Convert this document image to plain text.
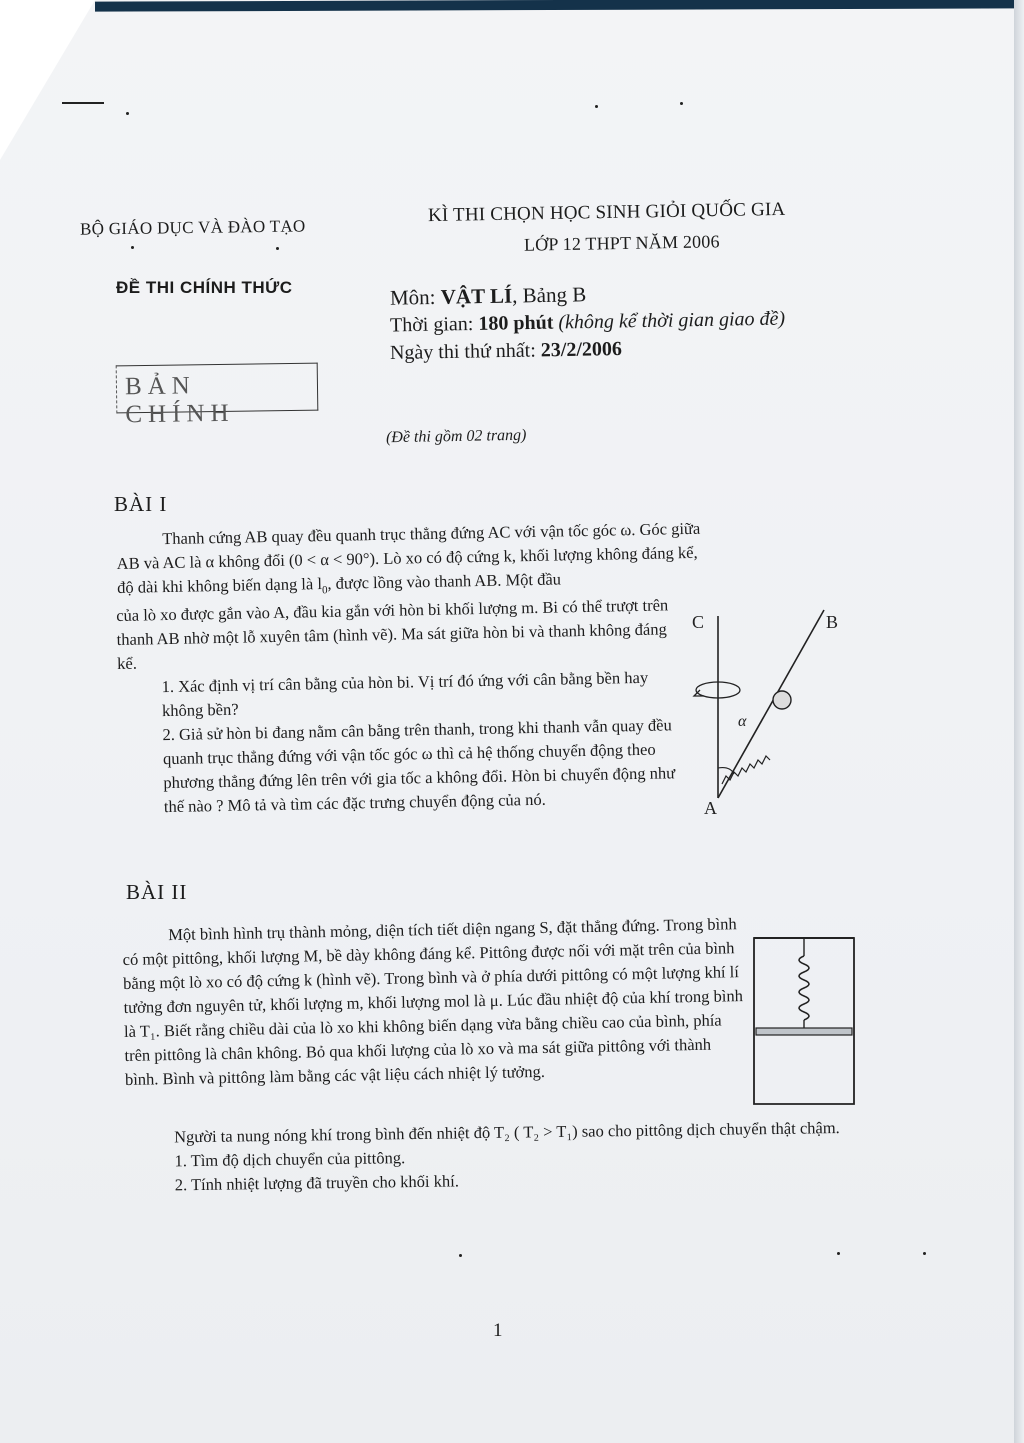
BỘ GIÁO DỤC VÀ ĐÀO TẠO
KÌ THI CHỌN HỌC SINH GIỎI QUỐC GIA
LỚP 12 THPT NĂM 2006
ĐỀ THI CHÍNH THỨC	Môn: VẬT LÍ, Bảng B
Thời gian: 180 phút (không kể thời gian giao đề)
Ngày thi thứ nhất: 23/2/2006
BẢN CHÍNH
(Đề thi gồm 02 trang)
BÀI I

Thanh cứng AB quay đều quanh trục thẳng đứng AC với vận tốc góc ω. Góc giữa

AB và AC là α không đổi (0 < α < 90°). Lò xo có độ cứng k, khối lượng không đáng kể,

độ dài khi không biến dạng là $l_0$, được lồng vào thanh AB. Một đầu

của lò xo được gắn vào A, đầu kia gắn với hòn bi khối lượng m. Bi có thể trượt trên thanh AB nhờ một lỗ xuyên tâm (hình vẽ). Ma sát giữa hòn bi và thanh không đáng kể.

1. Xác định vị trí cân bằng của hòn bi. Vị trí đó ứng với cân bằng bền hay không bền?

2. Giả sử hòn bi đang nằm cân bằng trên thanh, trong khi thanh vẫn quay đều quanh trục thẳng đứng với vận tốc góc ω thì cả hệ thống chuyển động theo phương thẳng đứng lên trên với gia tốc a không đổi. Hòn bi chuyển động như thế nào ? Mô tả và tìm các đặc trưng chuyển động của nó.

C	B
A
α
BÀI II

Một bình hình trụ thành mỏng, diện tích tiết diện ngang S, đặt thẳng đứng. Trong bình có một pittông, khối lượng M, bề dày không đáng kể. Pittông được nối với mặt trên của bình bằng một lò xo có độ cứng k (hình vẽ). Trong bình và ở phía dưới pittông có một lượng khí lí tưởng đơn nguyên tử, khối lượng m, khối lượng mol là μ. Lúc đầu nhiệt độ của khí trong bình là T₁. Biết rằng chiều dài của lò xo khi không biến dạng vừa bằng chiều cao của bình, phía trên pittông là chân không. Bỏ qua khối lượng của lò xo và ma sát giữa pittông với thành bình. Bình và pittông làm bằng các vật liệu cách nhiệt lý tưởng.

Người ta nung nóng khí trong bình đến nhiệt độ T₂ ( T₂ > T₁) sao cho pittông dịch chuyển thật chậm.

1. Tìm độ dịch chuyển của pittông.

2. Tính nhiệt lượng đã truyền cho khối khí.

1
